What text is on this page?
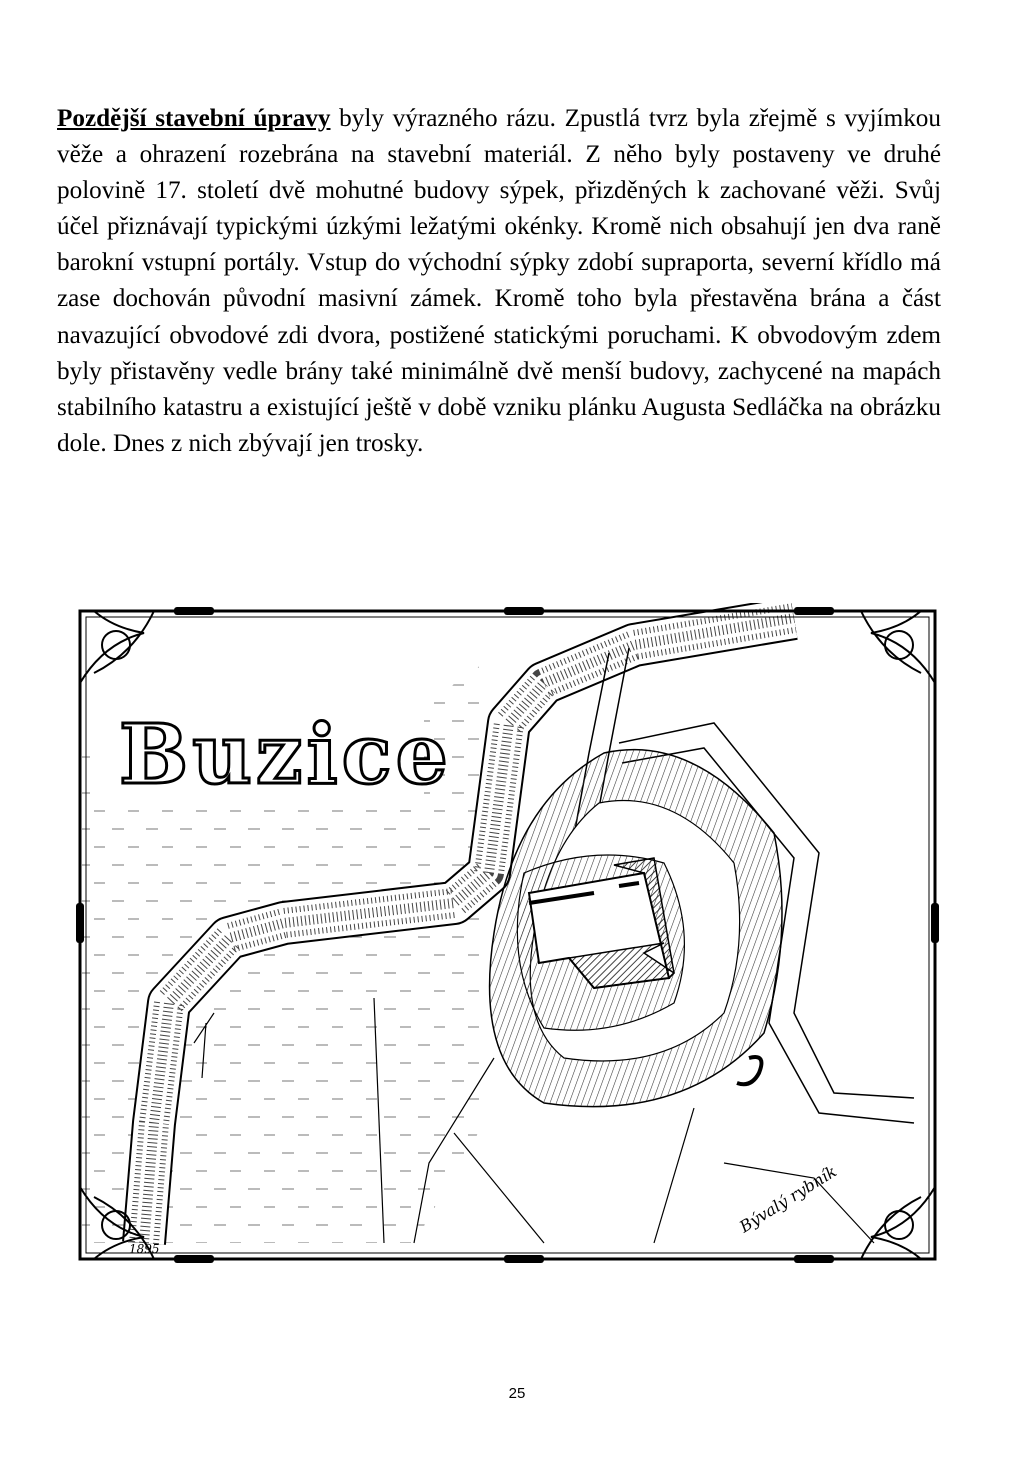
Pozdější stavební úpravy byly výrazného rázu. Zpustlá tvrz byla zřejmě s vyjímkou věže a ohrazení rozebrána na stavební materiál. Z něho byly postaveny ve druhé polovině 17. století dvě mohutné budovy sýpek, přizděných k zachované věži. Svůj účel přiznávají typickými úzkými ležatými okénky. Kromě nich obsahují jen dva raně barokní vstupní portály. Vstup do východní sýpky zdobí supraporta, severní křídlo má zase dochován původní masivní zámek. Kromě toho byla přestavěna brána a část navazující obvodové zdi dvora, postižené statickými poruchami. K obvodovým zdem byly přistavěny vedle brány také minimálně dvě menší budovy, zachycené na mapách stabilního katastru a existující ještě v době vzniku plánku Augusta Sedláčka na obrázku dole. Dnes z nich zbývají jen trosky.

Buzice
Bývalý rybník
1895
25
